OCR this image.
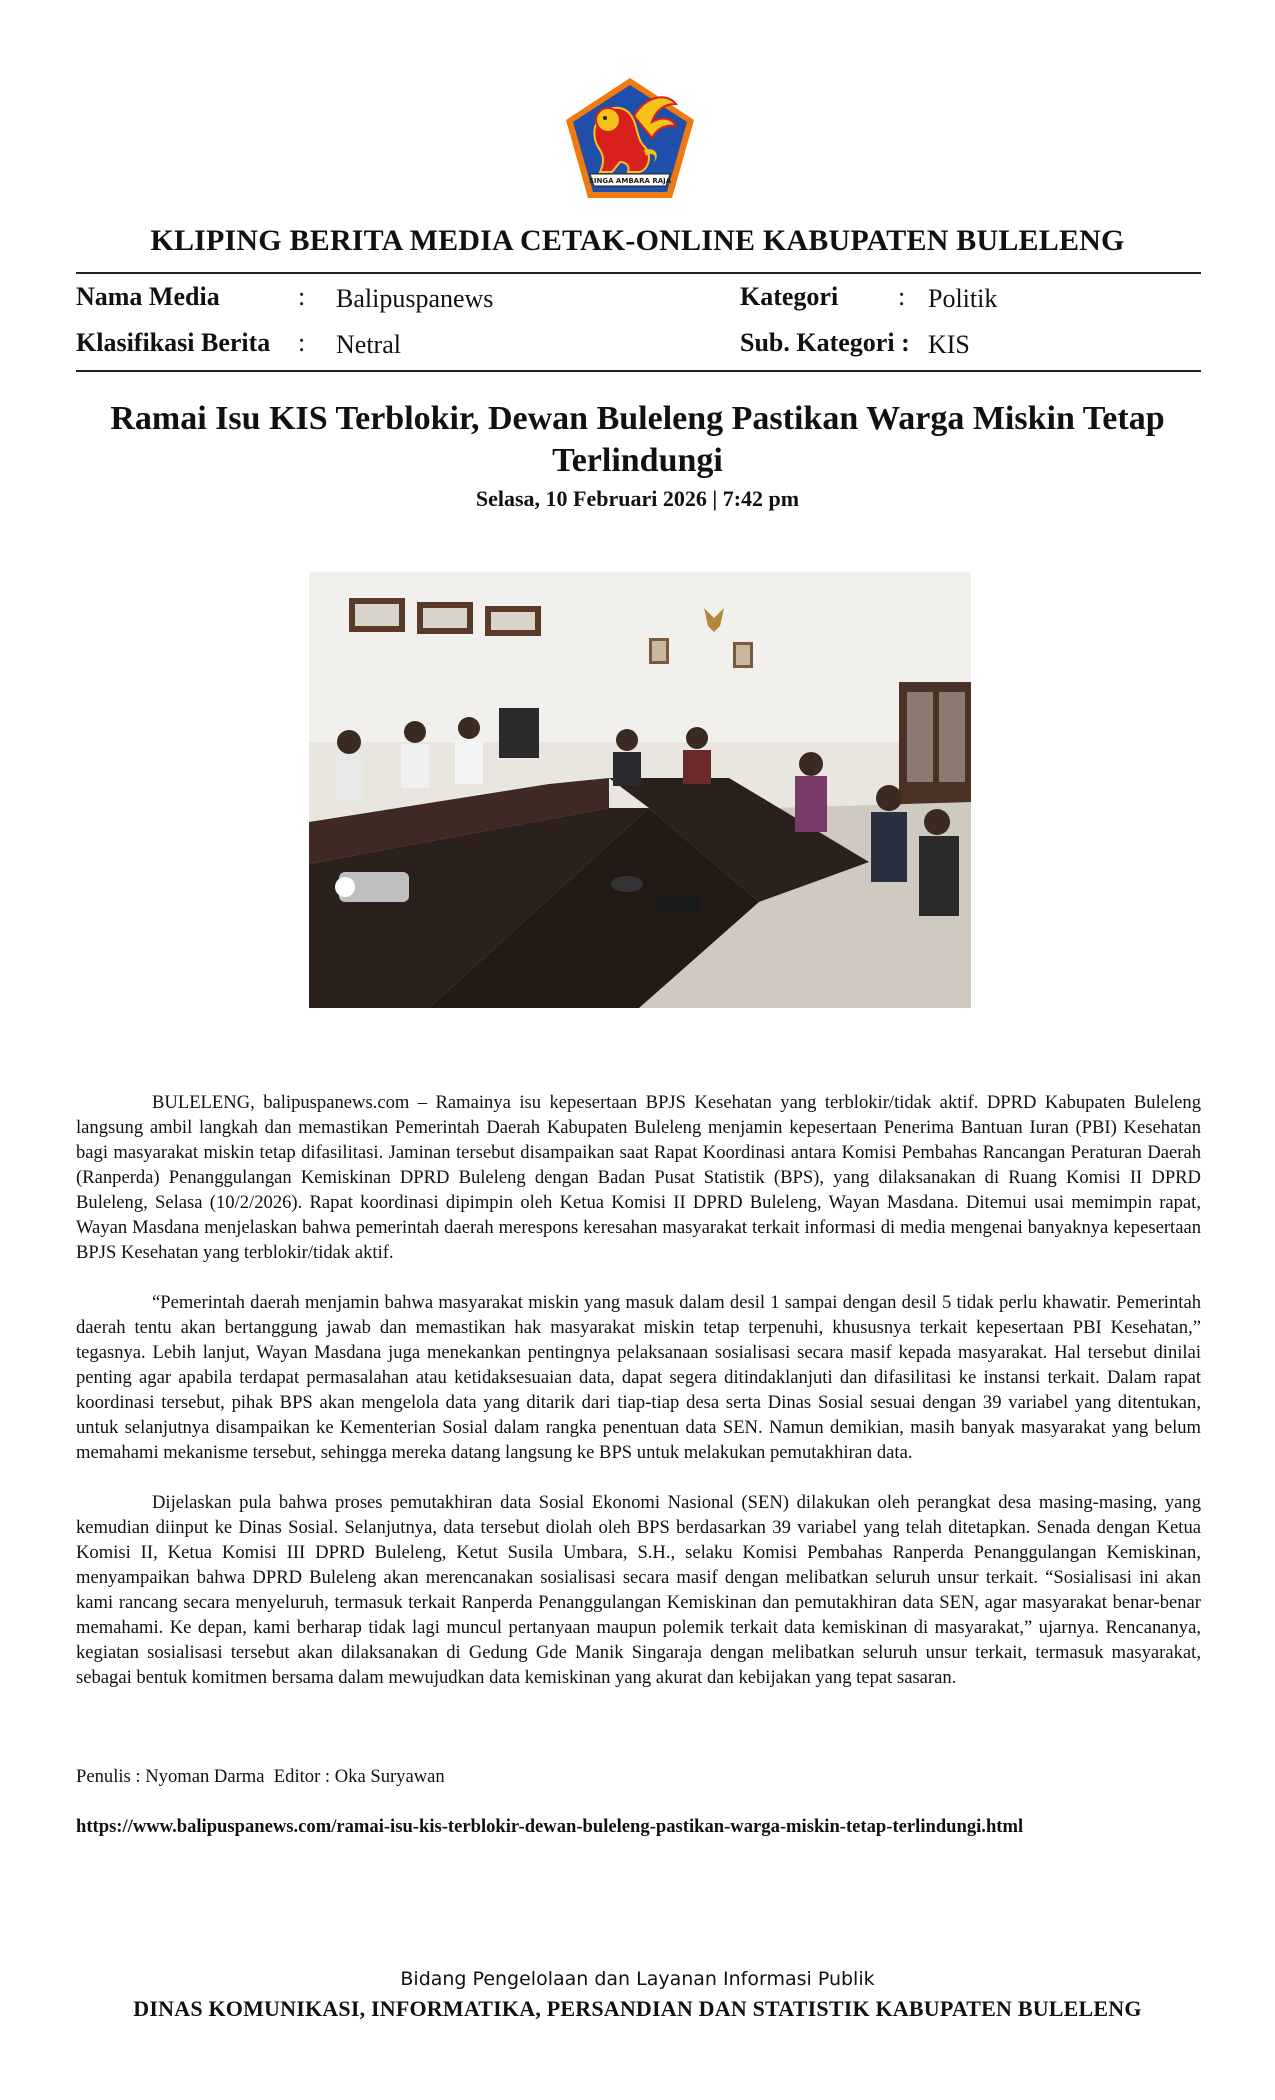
SINGA AMBARA RAJA
KLIPING BERITA MEDIA CETAK-ONLINE KABUPATEN BULELENG
Nama Media	: Balipuspanews
Klasifikasi Berita : Netral
Kategori : Politik
Sub. Kategori : KIS
Ramai Isu KIS Terblokir, Dewan Buleleng Pastikan Warga Miskin Tetap Terlindungi
Selasa, 10 Februari 2026 | 7:42 pm

BULELENG, balipuspanews.com – Ramainya isu kepesertaan BPJS Kesehatan yang terblokir/tidak aktif. DPRD Kabupaten Buleleng langsung ambil langkah dan memastikan Pemerintah Daerah Kabupaten Buleleng menjamin kepesertaan Penerima Bantuan Iuran (PBI) Kesehatan bagi masyarakat miskin tetap difasilitasi. Jaminan tersebut disampaikan saat Rapat Koordinasi antara Komisi Pembahas Rancangan Peraturan Daerah (Ranperda) Penanggulangan Kemiskinan DPRD Buleleng dengan Badan Pusat Statistik (BPS), yang dilaksanakan di Ruang Komisi II DPRD Buleleng, Selasa (10/2/2026). Rapat koordinasi dipimpin oleh Ketua Komisi II DPRD Buleleng, Wayan Masdana. Ditemui usai memimpin rapat, Wayan Masdana menjelaskan bahwa pemerintah daerah merespons keresahan masyarakat terkait informasi di media mengenai banyaknya kepesertaan BPJS Kesehatan yang terblokir/tidak aktif.

“Pemerintah daerah menjamin bahwa masyarakat miskin yang masuk dalam desil 1 sampai dengan desil 5 tidak perlu khawatir. Pemerintah daerah tentu akan bertanggung jawab dan memastikan hak masyarakat miskin tetap terpenuhi, khususnya terkait kepesertaan PBI Kesehatan,” tegasnya. Lebih lanjut, Wayan Masdana juga menekankan pentingnya pelaksanaan sosialisasi secara masif kepada masyarakat. Hal tersebut dinilai penting agar apabila terdapat permasalahan atau ketidaksesuaian data, dapat segera ditindaklanjuti dan difasilitasi ke instansi terkait. Dalam rapat koordinasi tersebut, pihak BPS akan mengelola data yang ditarik dari tiap-tiap desa serta Dinas Sosial sesuai dengan 39 variabel yang ditentukan, untuk selanjutnya disampaikan ke Kementerian Sosial dalam rangka penentuan data SEN. Namun demikian, masih banyak masyarakat yang belum memahami mekanisme tersebut, sehingga mereka datang langsung ke BPS untuk melakukan pemutakhiran data.

Dijelaskan pula bahwa proses pemutakhiran data Sosial Ekonomi Nasional (SEN) dilakukan oleh perangkat desa masing-masing, yang kemudian diinput ke Dinas Sosial. Selanjutnya, data tersebut diolah oleh BPS berdasarkan 39 variabel yang telah ditetapkan. Senada dengan Ketua Komisi II, Ketua Komisi III DPRD Buleleng, Ketut Susila Umbara, S.H., selaku Komisi Pembahas Ranperda Penanggulangan Kemiskinan, menyampaikan bahwa DPRD Buleleng akan merencanakan sosialisasi secara masif dengan melibatkan seluruh unsur terkait. “Sosialisasi ini akan kami rancang secara menyeluruh, termasuk terkait Ranperda Penanggulangan Kemiskinan dan pemutakhiran data SEN, agar masyarakat benar-benar memahami. Ke depan, kami berharap tidak lagi muncul pertanyaan maupun polemik terkait data kemiskinan di masyarakat,” ujarnya. Rencananya, kegiatan sosialisasi tersebut akan dilaksanakan di Gedung Gde Manik Singaraja dengan melibatkan seluruh unsur terkait, termasuk masyarakat, sebagai bentuk komitmen bersama dalam mewujudkan data kemiskinan yang akurat dan kebijakan yang tepat sasaran.

Penulis : Nyoman Darma  Editor : Oka Suryawan
https://www.balipuspanews.com/ramai-isu-kis-terblokir-dewan-buleleng-pastikan-warga-miskin-tetap-terlindungi.html
Bidang Pengelolaan dan Layanan Informasi Publik
DINAS KOMUNIKASI, INFORMATIKA, PERSANDIAN DAN STATISTIK KABUPATEN BULELENG
